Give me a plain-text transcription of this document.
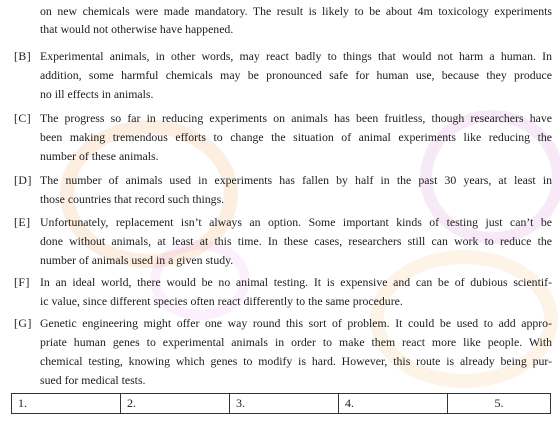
on new chemicals were made mandatory. The result is likely to be about 4m toxicology experiments
that would not otherwise have happened.
[B] Experimental animals, in other words, may react badly to things that would not harm a human. In
addition, some harmful chemicals may be pronounced safe for human use, because they produce
no ill effects in animals.
[C] The progress so far in reducing experiments on animals has been fruitless, though researchers have
been making tremendous efforts to change the situation of animal experiments like reducing the
number of these animals.
[D] The number of animals used in experiments has fallen by half in the past 30 years, at least in
those countries that record such things.
[E] Unfortunately, replacement isn’t always an option. Some important kinds of testing just can’t be
done without animals, at least at this time. In these cases, researchers still can work to reduce the
number of animals used in a given study.
[F] In an ideal world, there would be no animal testing. It is expensive and can be of dubious scientif-
ic value, since different species often react differently to the same procedure.
[G] Genetic engineering might offer one way round this sort of problem. It could be used to add appro-
priate human genes to experimental animals in order to make them react more like people. With
chemical testing, knowing which genes to modify is hard. However, this route is already being pur-
sued for medical tests.
1.	2.	3.	4.	5.
